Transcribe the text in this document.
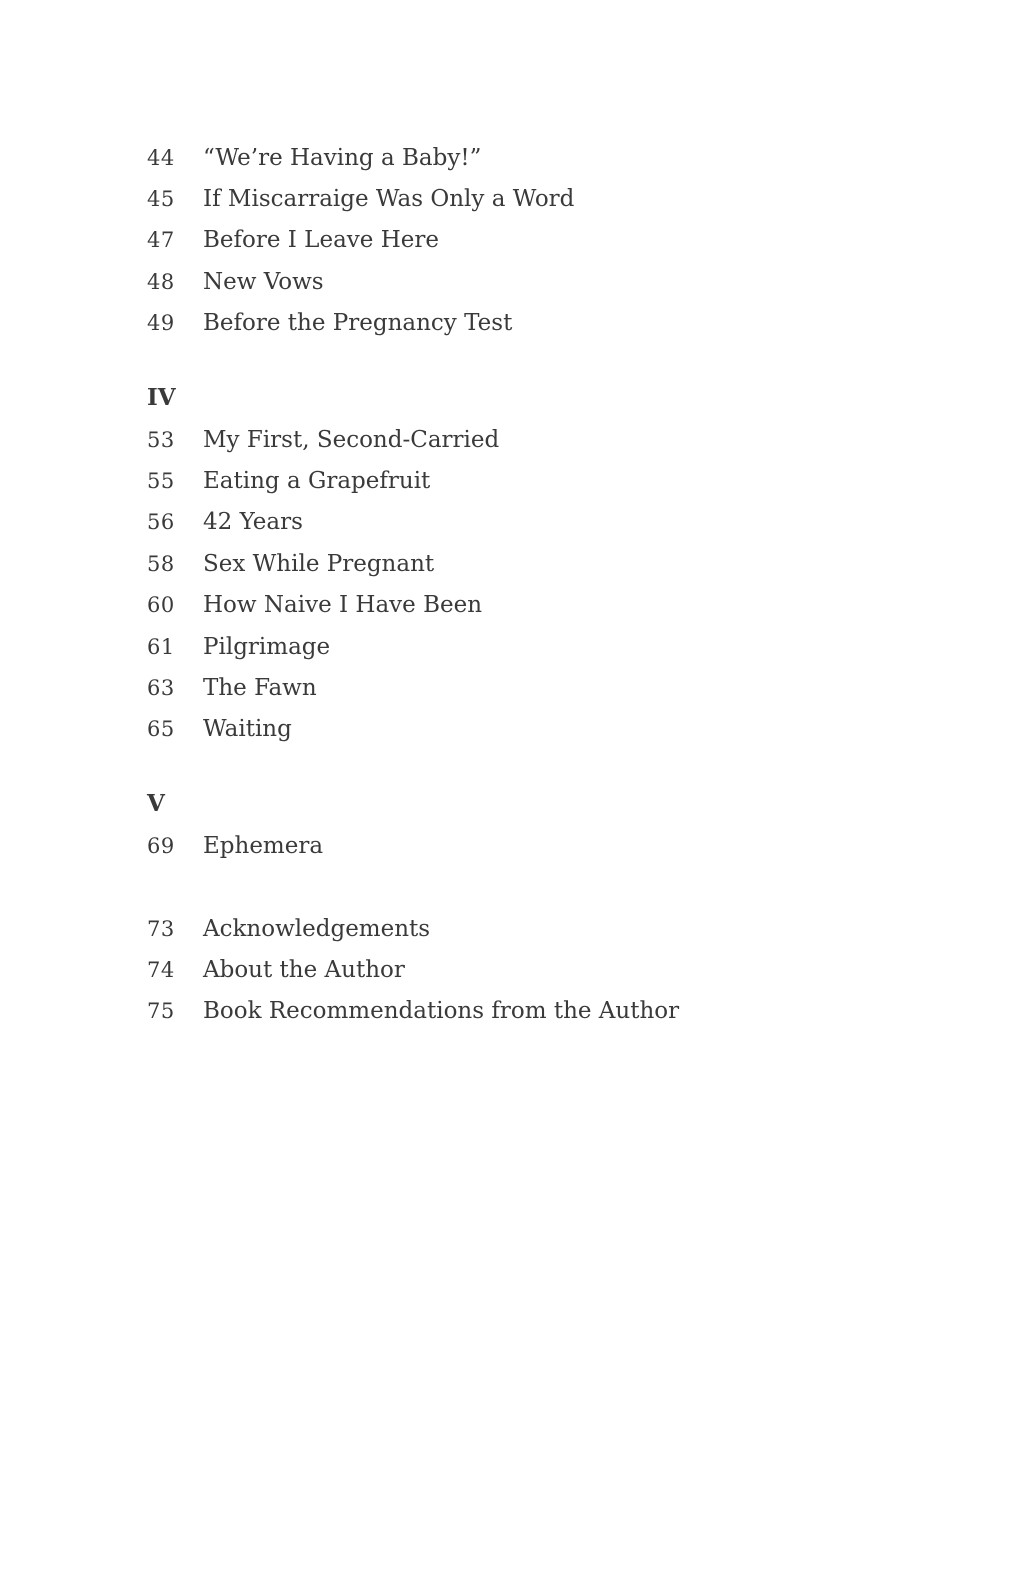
44	“We’re Having a Baby!”
45	If Miscarraige Was Only a Word
47	Before I Leave Here
48	New Vows
49	Before the Pregnancy Test
IV
53	My First, Second-Carried
55	Eating a Grapefruit
56	42 Years
58	Sex While Pregnant
60	How Naive I Have Been
61	Pilgrimage
63	The Fawn
65	Waiting
V
69	Ephemera
73	Acknowledgements
74	About the Author
75	Book Recommendations from the Author
